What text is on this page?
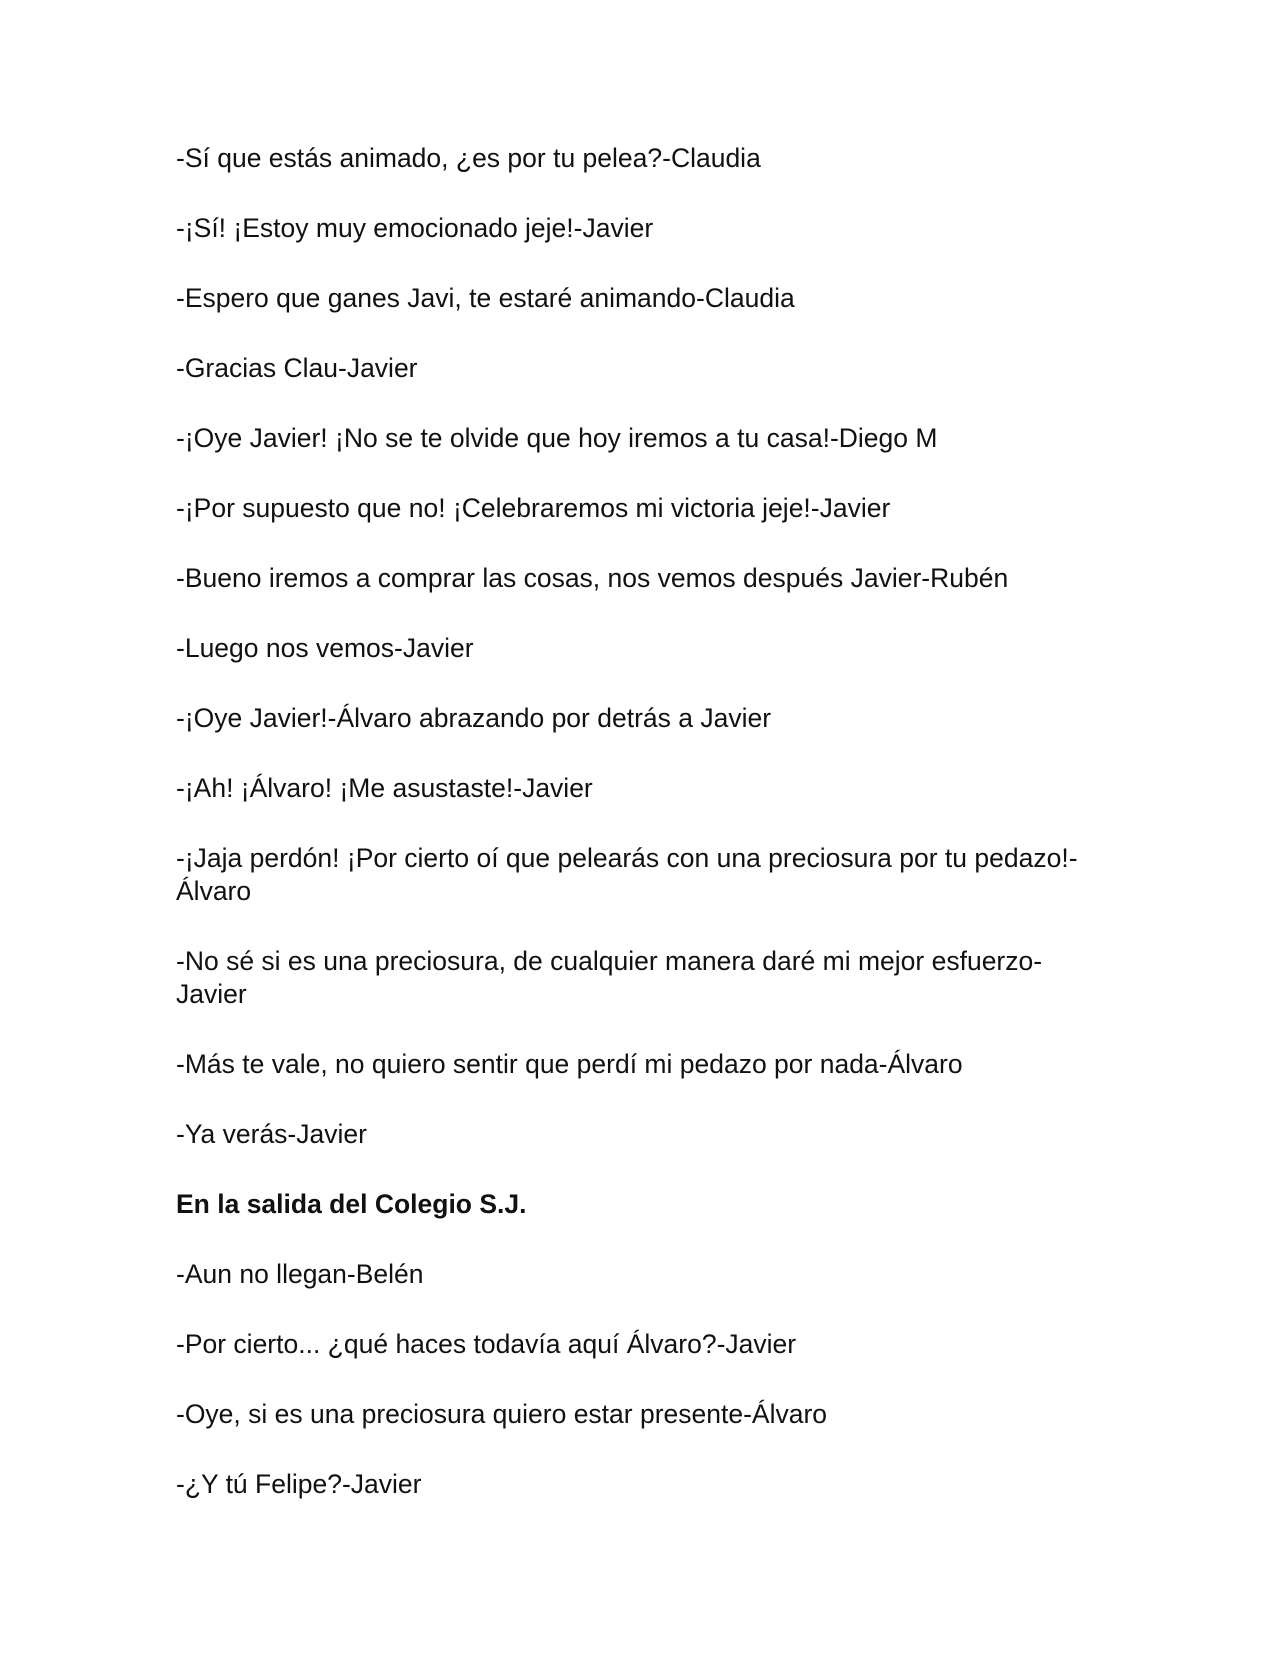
-Sí que estás animado, ¿es por tu pelea?-Claudia

-¡Sí! ¡Estoy muy emocionado jeje!-Javier

-Espero que ganes Javi, te estaré animando-Claudia

-Gracias Clau-Javier

-¡Oye Javier! ¡No se te olvide que hoy iremos a tu casa!-Diego M

-¡Por supuesto que no! ¡Celebraremos mi victoria jeje!-Javier

-Bueno iremos a comprar las cosas, nos vemos después Javier-Rubén

-Luego nos vemos-Javier

-¡Oye Javier!-Álvaro abrazando por detrás a Javier

-¡Ah! ¡Álvaro! ¡Me asustaste!-Javier

-¡Jaja perdón! ¡Por cierto oí que pelearás con una preciosura por tu pedazo!-Álvaro

-No sé si es una preciosura, de cualquier manera daré mi mejor esfuerzo-Javier

-Más te vale, no quiero sentir que perdí mi pedazo por nada-Álvaro

-Ya verás-Javier

En la salida del Colegio S.J.

-Aun no llegan-Belén

-Por cierto... ¿qué haces todavía aquí Álvaro?-Javier

-Oye, si es una preciosura quiero estar presente-Álvaro

-¿Y tú Felipe?-Javier
